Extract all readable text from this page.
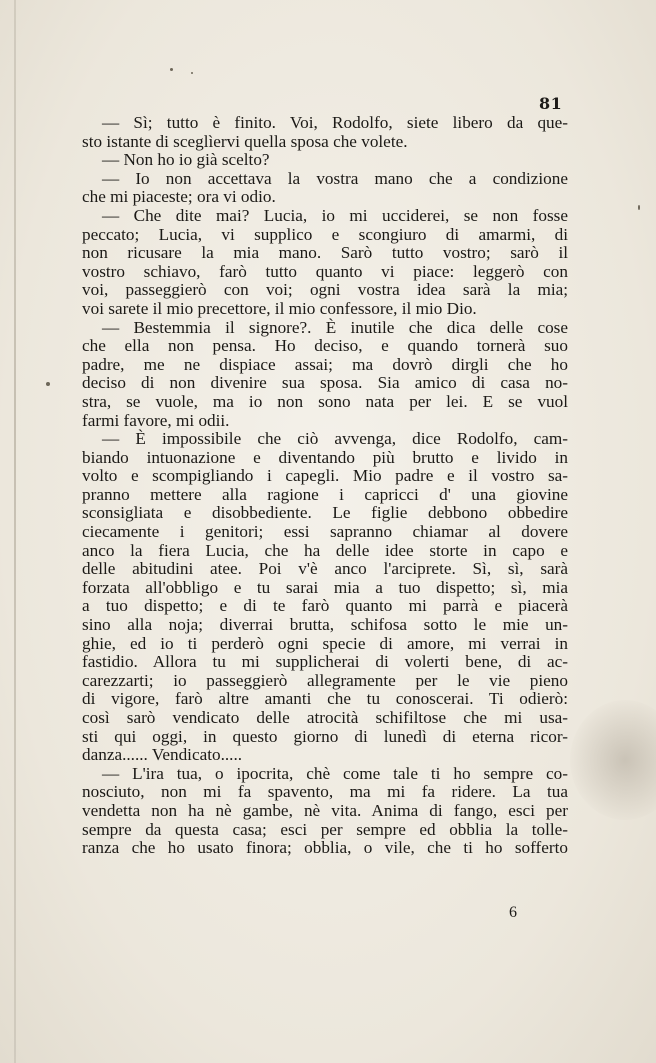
81

— Sì; tutto è finito. Voi, Rodolfo, siete libero da que-
sto istante di sceglìervi quella sposa che volete.
— Non ho io già scelto?
— Io non accettava la vostra mano che a condizione
che mi piaceste; ora vi odio.
— Che dite mai? Lucia, io mi ucciderei, se non fosse
peccato; Lucia, vi supplico e scongiuro di amarmi, di
non ricusare la mia mano. Sarò tutto vostro; sarò il
vostro schiavo, farò tutto quanto vi piace: leggerò con
voi, passeggierò con voi; ogni vostra idea sarà la mia;
voi sarete il mio precettore, il mio confessore, il mio Dio.
— Bestemmia il signore?. È inutile che dica delle cose
che ella non pensa. Ho deciso, e quando tornerà suo
padre, me ne dispiace assai; ma dovrò dirgli che ho
deciso di non divenire sua sposa. Sia amico di casa no-
stra, se vuole, ma io non sono nata per lei. E se vuol
farmi favore, mi odii.
— È impossibile che ciò avvenga, dice Rodolfo, cam-
biando intuonazione e diventando più brutto e livido in
volto e scompigliando i capegli. Mio padre e il vostro sa-
pranno mettere alla ragione i capricci d' una giovine
sconsigliata e disobbediente. Le figlie debbono obbedire
ciecamente i genitori; essi sapranno chiamar al dovere
anco la fiera Lucia, che ha delle idee storte in capo e
delle abitudini atee. Poi v'è anco l'arciprete. Sì, sì, sarà
forzata all'obbligo e tu sarai mia a tuo dispetto; sì, mia
a tuo dispetto; e di te farò quanto mi parrà e piacerà
sino alla noja; diverrai brutta, schifosa sotto le mie un-
ghie, ed io ti perderò ogni specie di amore, mi verrai in
fastidio. Allora tu mi supplicherai di volerti bene, di ac-
carezzarti; io passeggierò allegramente per le vie pieno
di vigore, farò altre amanti che tu conoscerai. Ti odierò:
così sarò vendicato delle atrocità schifiltose che mi usa-
sti qui oggi, in questo giorno di lunedì di eterna ricor-
danza...... Vendicato.....
— L'ira tua, o ipocrita, chè come tale ti ho sempre co-
nosciuto, non mi fa spavento, ma mi fa ridere. La tua
vendetta non ha nè gambe, nè vita. Anima di fango, esci per
sempre da questa casa; esci per sempre ed obblia la tolle-
ranza che ho usato finora; obblia, o vile, che ti ho sofferto

6
